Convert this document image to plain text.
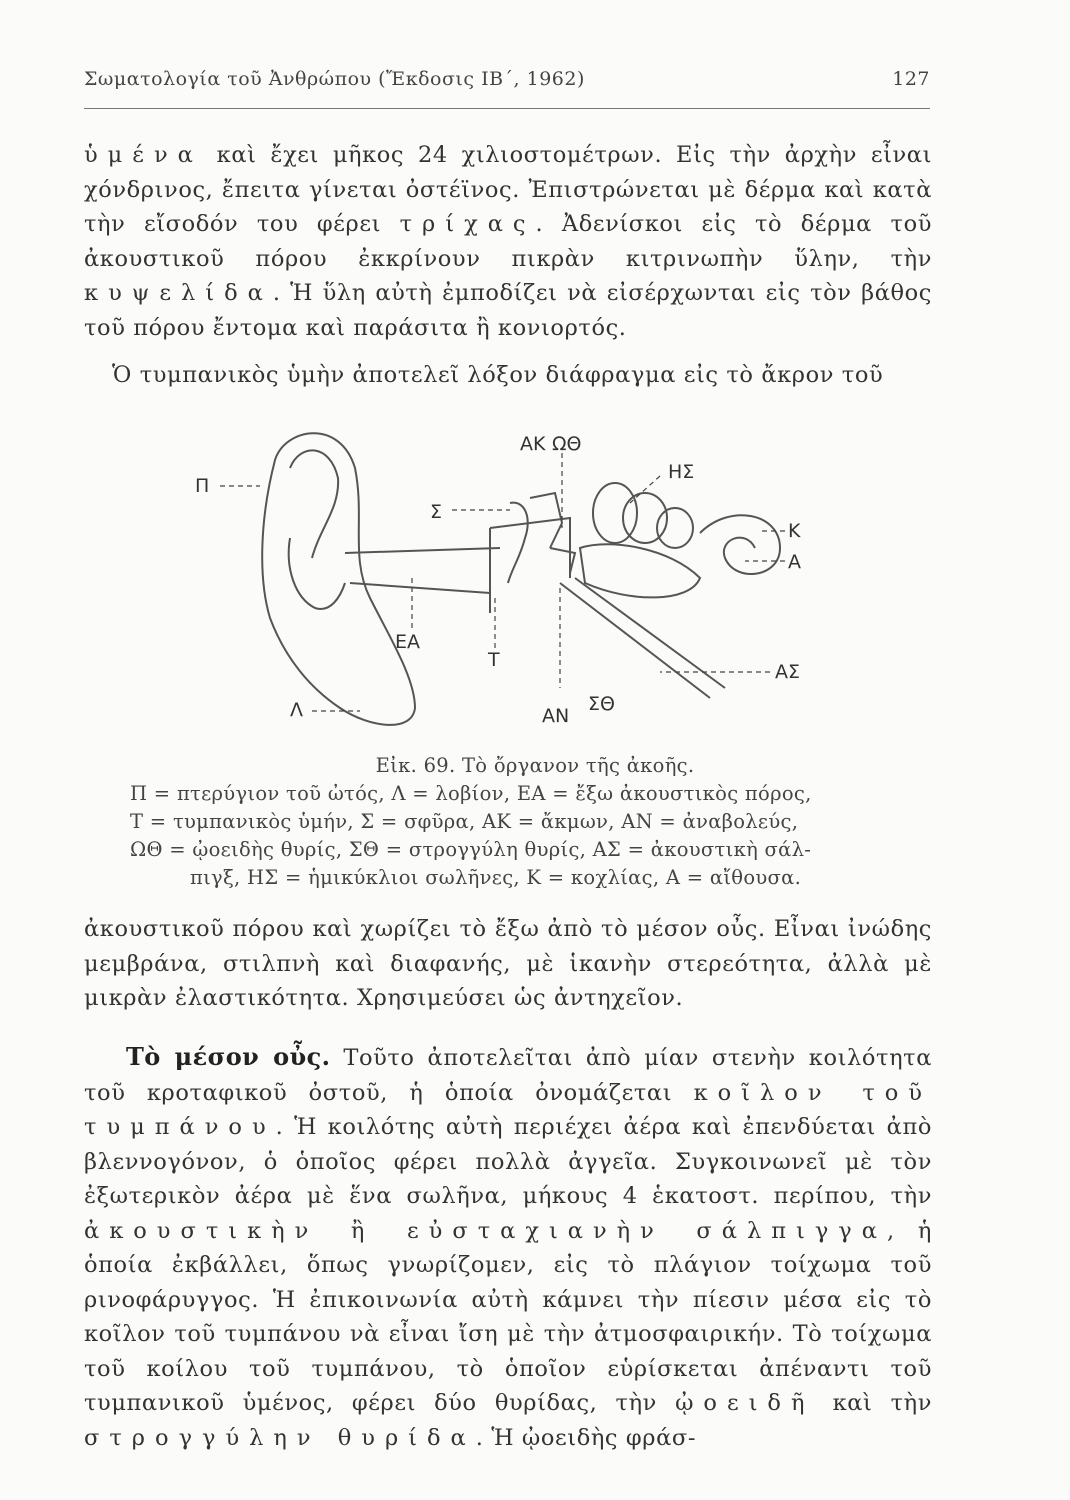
Σωματολογία τοῦ Ἀνθρώπου (Ἔκδοσις ΙΒ΄, 1962)	127

ὑμένα καὶ ἔχει μῆκος 24 χιλιοστομέτρων. Εἰς τὴν ἀρχὴν εἶναι χόνδρινος, ἔπειτα γίνεται ὀστέϊνος. Ἐπιστρώνεται μὲ δέρμα καὶ κατὰ τὴν εἴσοδόν του φέρει τρίχας. Ἀδενίσκοι εἰς τὸ δέρμα τοῦ ἀκουστικοῦ πόρου ἐκκρίνουν πικρὰν κιτρινωπὴν ὕλην, τὴν κυψελίδα. Ἡ ὕλη αὐτὴ ἐμποδίζει νὰ εἰσέρχωνται εἰς τὸν βάθος τοῦ πόρου ἔντομα καὶ παράσιτα ἢ κονιορτός.

Ὁ τυμπανικὸς ὑμὴν ἀποτελεῖ λόξον διάφραγμα εἰς τὸ ἄκρον τοῦ

Π
Σ
ΑΚ ΩΘ
ΗΣ
Κ
Α
ΑΣ
ΕΑ
Τ
ΑΝ
ΣΘ
Λ
Εἰκ. 69. Τὸ ὄργανον τῆς ἀκοῆς.
Π = πτερύγιον τοῦ ὠτός, Λ = λοβίον, ΕΑ = ἔξω ἀκουστικὸς πόρος,
Τ = τυμπανικὸς ὑμήν, Σ = σφῦρα, ΑΚ = ἄκμων, ΑΝ = ἀναβολεύς,
ΩΘ = ᾠοειδὴς θυρίς, ΣΘ = στρογγύλη θυρίς, ΑΣ = ἀκουστικὴ σάλ-
πιγξ, ΗΣ = ἡμικύκλιοι σωλῆνες, Κ = κοχλίας, Α = αἴθουσα.

ἀκουστικοῦ πόρου καὶ χωρίζει τὸ ἔξω ἀπὸ τὸ μέσον οὖς. Εἶναι ἰνώδης μεμβράνα, στιλπνὴ καὶ διαφανής, μὲ ἱκανὴν στερεότητα, ἀλλὰ μὲ μικρὰν ἐλαστικότητα. Χρησιμεύσει ὡς ἀντηχεῖον.

Τὸ μέσον οὖς. Τοῦτο ἀποτελεῖται ἀπὸ μίαν στενὴν κοιλότητα τοῦ κροταφικοῦ ὀστοῦ, ἡ ὁποία ὀνομάζεται κοῖλον τοῦ τυμπάνου. Ἡ κοιλότης αὐτὴ περιέχει ἀέρα καὶ ἐπενδύεται ἀπὸ βλεννογόνον, ὁ ὁποῖος φέρει πολλὰ ἀγγεῖα. Συγκοινωνεῖ μὲ τὸν ἐξωτερικὸν ἀέρα μὲ ἕνα σωλῆνα, μήκους 4 ἑκατοστ. περίπου, τὴν ἀκουστικὴν ἢ εὐσταχιανὴν σάλπιγγα, ἡ ὁποία ἐκβάλλει, ὅπως γνωρίζομεν, εἰς τὸ πλάγιον τοίχωμα τοῦ ρινοφάρυγγος. Ἡ ἐπικοινωνία αὐτὴ κάμνει τὴν πίεσιν μέσα εἰς τὸ κοῖλον τοῦ τυμπάνου νὰ εἶναι ἴση μὲ τὴν ἀτμοσφαιρικήν. Τὸ τοίχωμα τοῦ κοίλου τοῦ τυμπάνου, τὸ ὁποῖον εὑρίσκεται ἀπέναντι τοῦ τυμπανικοῦ ὑμένος, φέρει δύο θυρίδας, τὴν ᾠοειδῆ καὶ τὴν στρογγύλην θυρίδα. Ἡ ᾠοειδὴς φράσ-
